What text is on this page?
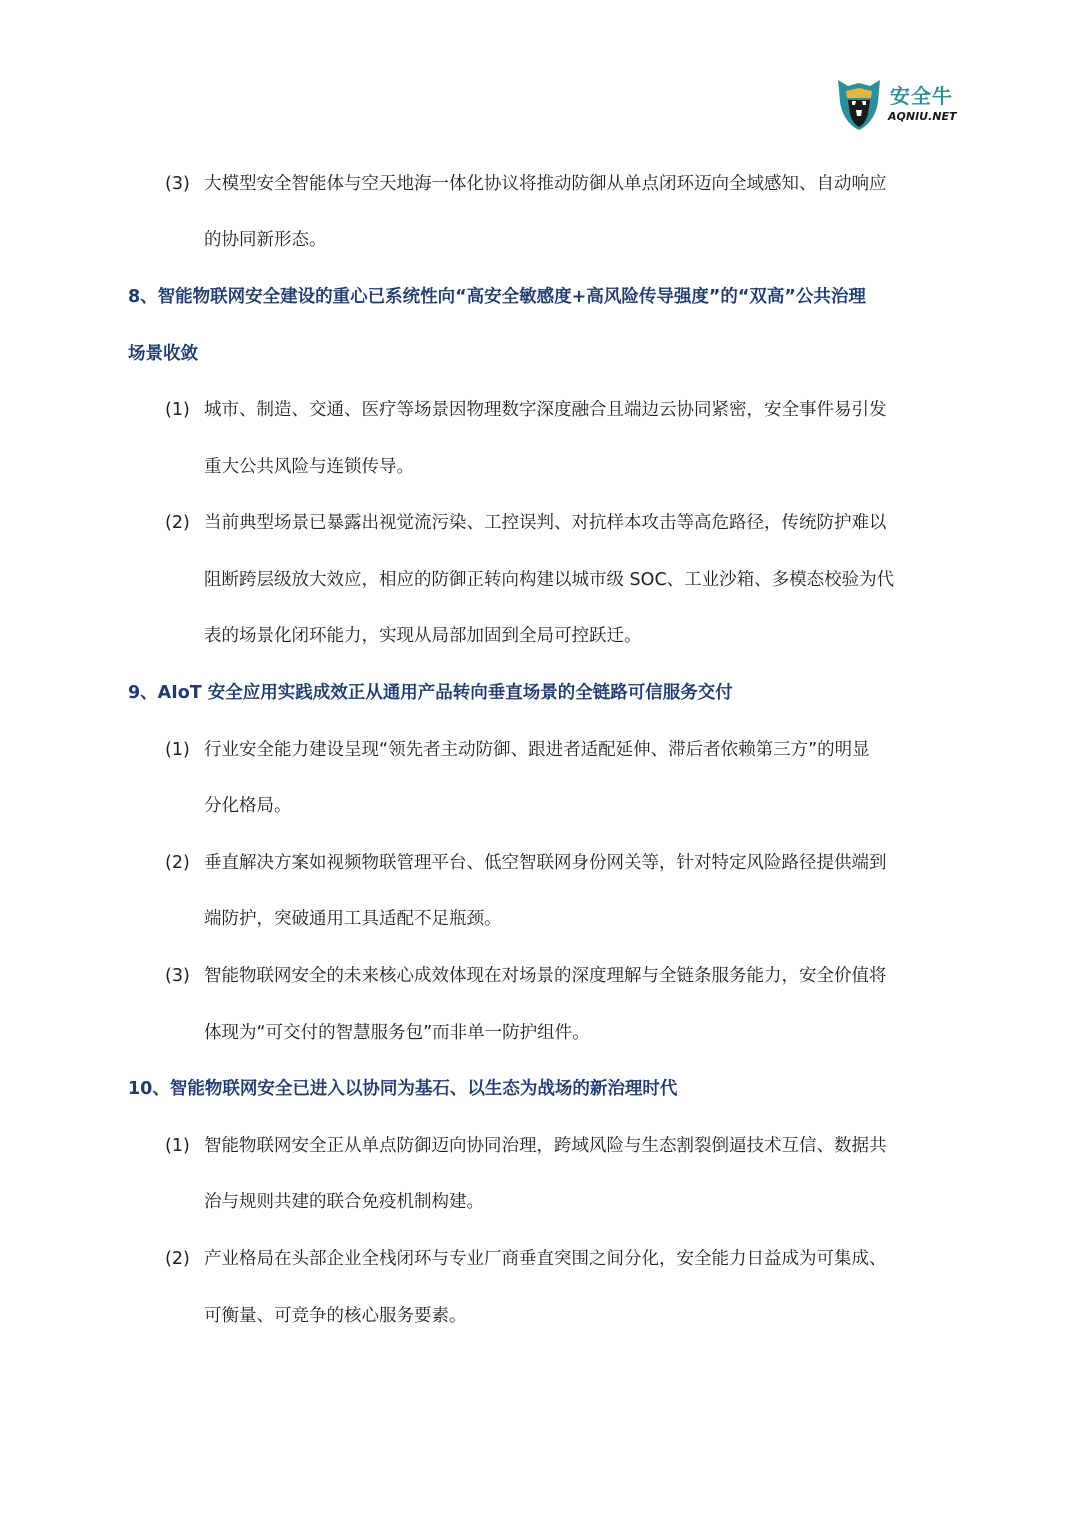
安全牛
AQNIU.NET
(3) 大模型安全智能体与空天地海一体化协议将推动防御从单点闭环迈向全域感知、自动响应
的协同新形态。
8、智能物联网安全建设的重心已系统性向“高安全敏感度+高风险传导强度”的“双高”公共治理
场景收敛
(1) 城市、制造、交通、医疗等场景因物理数字深度融合且端边云协同紧密，安全事件易引发
重大公共风险与连锁传导。
(2) 当前典型场景已暴露出视觉流污染、工控误判、对抗样本攻击等高危路径，传统防护难以
阻断跨层级放大效应，相应的防御正转向构建以城市级 SOC、工业沙箱、多模态校验为代
表的场景化闭环能力，实现从局部加固到全局可控跃迁。
9、AIoT 安全应用实践成效正从通用产品转向垂直场景的全链路可信服务交付
(1) 行业安全能力建设呈现“领先者主动防御、跟进者适配延伸、滞后者依赖第三方”的明显
分化格局。
(2) 垂直解决方案如视频物联管理平台、低空智联网身份网关等，针对特定风险路径提供端到
端防护，突破通用工具适配不足瓶颈。
(3) 智能物联网安全的未来核心成效体现在对场景的深度理解与全链条服务能力，安全价值将
体现为“可交付的智慧服务包”而非单一防护组件。
10、智能物联网安全已进入以协同为基石、以生态为战场的新治理时代
(1) 智能物联网安全正从单点防御迈向协同治理，跨域风险与生态割裂倒逼技术互信、数据共
治与规则共建的联合免疫机制构建。
(2) 产业格局在头部企业全栈闭环与专业厂商垂直突围之间分化，安全能力日益成为可集成、
可衡量、可竞争的核心服务要素。
